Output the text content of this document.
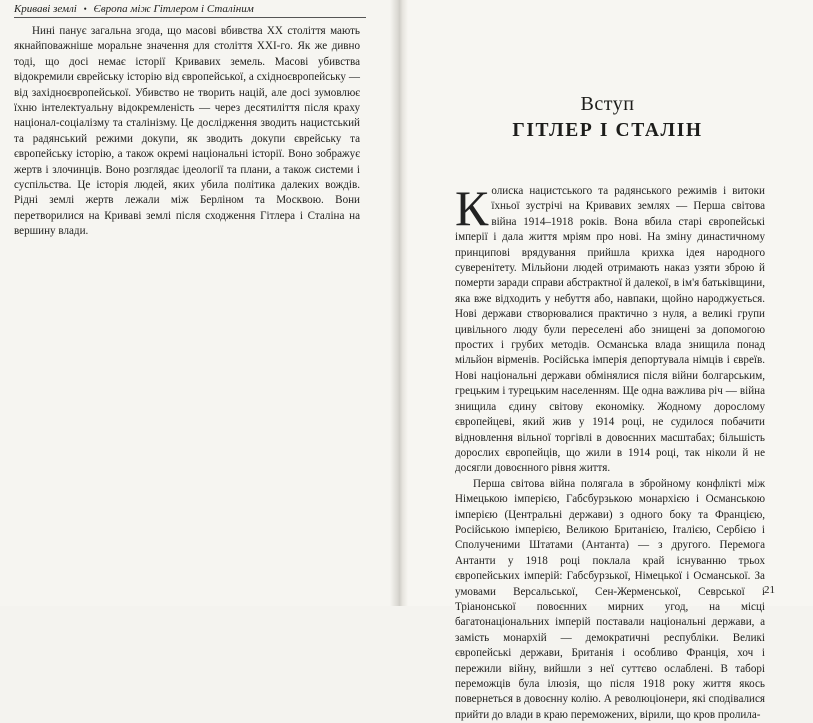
Криваві землі • Європа між Гітлером і Сталіним

Нині панує загальна згода, що масові вбивства XX століття мають якнайповажніше моральне значення для століття XXI-го. Як же дивно тоді, що досі немає історії Кривавих земель. Масові убивства відокремили єврейську історію від європейської, а східноєвропейську — від західноєвропейської. Убивство не творить націй, але досі зумовлює їхню інтелектуальну відокремленість — через десятиліття після краху націонал-соціалізму та сталінізму. Це дослідження зводить нацистський та радянський режими докупи, як зводить докупи єврейську та європейську історію, а також окремі національні історії. Воно зображує жертв і злочинців. Воно розглядає ідеології та плани, а також системи і суспільства. Це історія людей, яких убила політика далеких вождів. Рідні землі жертв лежали між Берліном та Москвою. Вони перетворилися на Криваві землі після сходження Гітлера і Сталіна на вершину влади.

Вступ
ГІТЛЕР І СТАЛІН

Колиска нацистського та радянського режимів і витоки їхньої зустрічі на Кривавих землях — Перша світова війна 1914–1918 років. Вона вбила старі європейські імперії і дала життя мріям про нові. На зміну династичному принципові врядування прийшла крихка ідея народного суверенітету. Мільйони людей отримають наказ узяти зброю й померти заради справи абстрактної й далекої, в ім'я батьківщини, яка вже відходить у небуття або, навпаки, щойно народжується. Нові держави створювалися практично з нуля, а великі групи цивільного люду були переселені або знищені за допомогою простих і грубих методів. Османська влада знищила понад мільйон вірменів. Російська імперія депортувала німців і євреїв. Нові національні держави обмінялися після війни болгарським, грецьким і турецьким населенням. Ще одна важлива річ — війна знищила єдину світову економіку. Жодному дорослому європейцеві, який жив у 1914 році, не судилося побачити відновлення вільної торгівлі в довоєнних масштабах; більшість дорослих європейців, що жили в 1914 році, так ніколи й не досягли довоєнного рівня життя.

Перша світова війна полягала в збройному конфлікті між Німецькою імперією, Габсбурзькою монархією і Османською імперією (Центральні держави) з одного боку та Францією, Російською імперією, Великою Британією, Італією, Сербією і Сполученими Штатами (Антанта) — з другого. Перемога Антанти у 1918 році поклала край існуванню трьох європейських імперій: Габсбурзької, Німецької і Османської. За умовами Версальської, Сен-Жерменської, Севрської і Тріанонської повоєнних мирних угод, на місці багатонаціональних імперій поставали національні держави, а замість монархій — демократичні республіки. Великі європейські держави, Британія і особливо Франція, хоч і пережили війну, вийшли з неї суттєво ослабленi. В таборі переможців була ілюзія, що після 1918 року життя якось повернеться в довоєнну колію. А революціонери, які сподівалися прийти до влади в краю переможених, вірили, що кров пролила-

21
